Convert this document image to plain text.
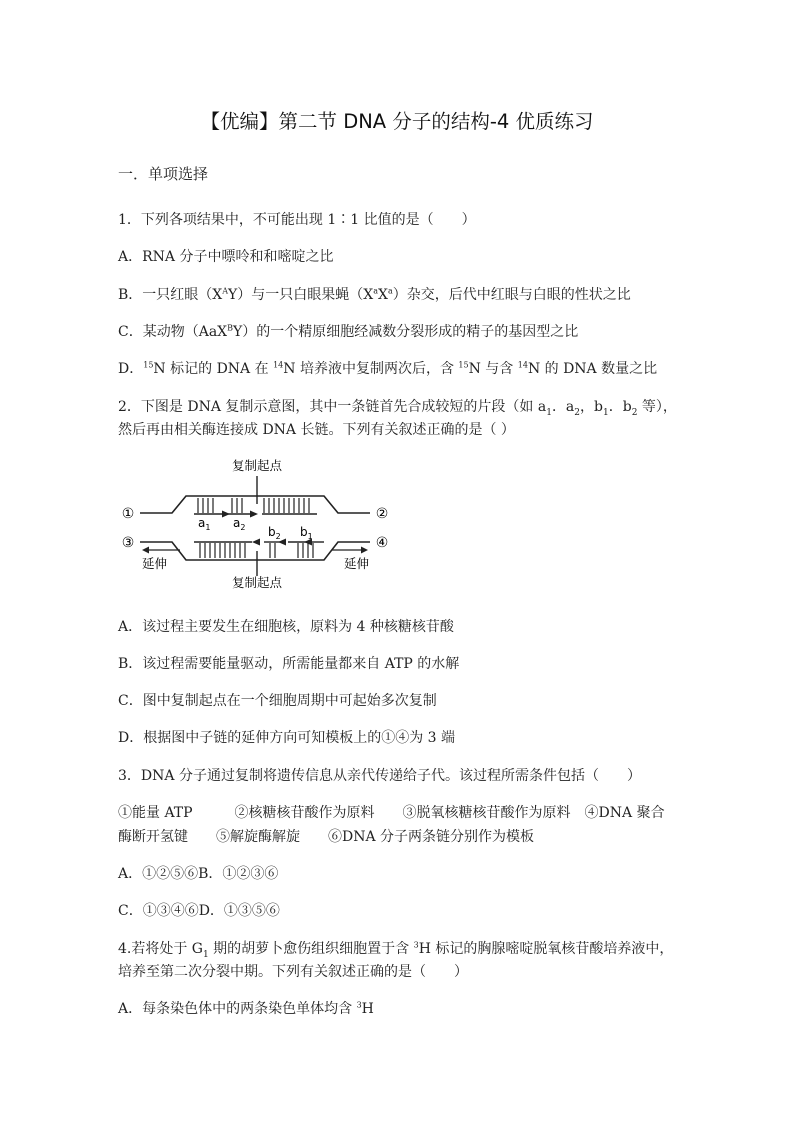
【优编】第二节 DNA 分子的结构-4 优质练习
一．单项选择
1．下列各项结果中，不可能出现 1∶1 比值的是（　　）
A．RNA 分子中嘌呤和和嘧啶之比
B．一只红眼$(X^AY)$与一只白眼果蝇$(X^aX^a)$杂交，后代中红眼与白眼的性状之比
C．某动物（AaX$^B$Y）的一个精原细胞经减数分裂形成的精子的基因型之比
D．$^{15}$N 标记的 DNA 在 $^{14}$N 培养液中复制两次后，含 $^{15}$N 与含 $^{14}$N 的 DNA 数量之比
2．下图是 DNA 复制示意图，其中一条链首先合成较短的片段（如 $a_1$．$a_2$，$b_1$．$b_2$ 等），
然后再由相关酶连接成 DNA 长链。下列有关叙述正确的是（ ）
复制起点
复制起点
$a_1$ $a_2$ $b_2$ $b_1$
①	②
③	④
延伸	延伸
A．该过程主要发生在细胞核，原料为 4 种核糖核苷酸
B．该过程需要能量驱动，所需能量都来自 ATP 的水解
C．图中复制起点在一个细胞周期中可起始多次复制
D．根据图中子链的延伸方向可知模板上的①④为 3 端
3．DNA 分子通过复制将遗传信息从亲代传递给子代。该过程所需条件包括（　　）
①能量 ATP　　　②核糖核苷酸作为原料　　③脱氧核糖核苷酸作为原料　④DNA 聚合
酶断开氢键　　⑤解旋酶解旋　　⑥DNA 分子两条链分别作为模板
A．①②⑤⑥B．①②③⑥
C．①③④⑥D．①③⑤⑥
4.若将处于 $G_1$ 期的胡萝卜愈伤组织细胞置于含 $^3$H 标记的胸腺嘧啶脱氧核苷酸培养液中，
培养至第二次分裂中期。下列有关叙述正确的是（　　）
A．每条染色体中的两条染色单体均含 $^3$H
